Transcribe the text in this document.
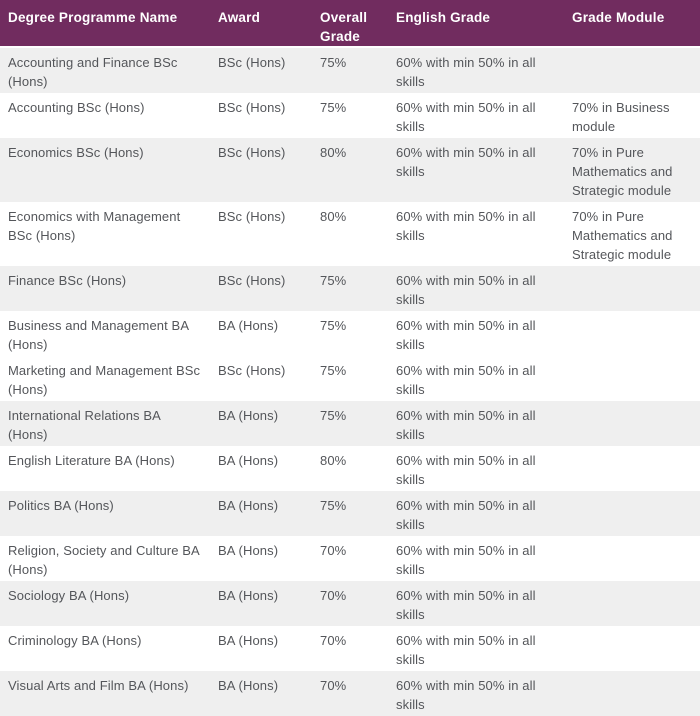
Degree Programme Name	Award	Overall Grade	English Grade	Grade Module
Accounting and Finance BSc (Hons)	BSc (Hons)	75%	60% with min 50% in all skills	
Accounting BSc (Hons)	BSc (Hons)	75%	60% with min 50% in all skills	70% in Business module
Economics BSc (Hons)	BSc (Hons)	80%	60% with min 50% in all skills	70% in Pure Mathematics and Strategic module
Economics with Management BSc (Hons)	BSc (Hons)	80%	60% with min 50% in all skills	70% in Pure Mathematics and Strategic module
Finance BSc (Hons)	BSc (Hons)	75%	60% with min 50% in all skills	
Business and Management BA (Hons)	BA (Hons)	75%	60% with min 50% in all skills	
Marketing and Management BSc (Hons)	BSc (Hons)	75%	60% with min 50% in all skills	
International Relations BA (Hons)	BA (Hons)	75%	60% with min 50% in all skills	
English Literature BA (Hons)	BA (Hons)	80%	60% with min 50% in all skills	
Politics BA (Hons)	BA (Hons)	75%	60% with min 50% in all skills	
Religion, Society and Culture BA (Hons)	BA (Hons)	70%	60% with min 50% in all skills	
Sociology BA (Hons)	BA (Hons)	70%	60% with min 50% in all skills	
Criminology BA (Hons)	BA (Hons)	70%	60% with min 50% in all skills	
Visual Arts and Film BA (Hons)	BA (Hons)	70%	60% with min 50% in all skills	
